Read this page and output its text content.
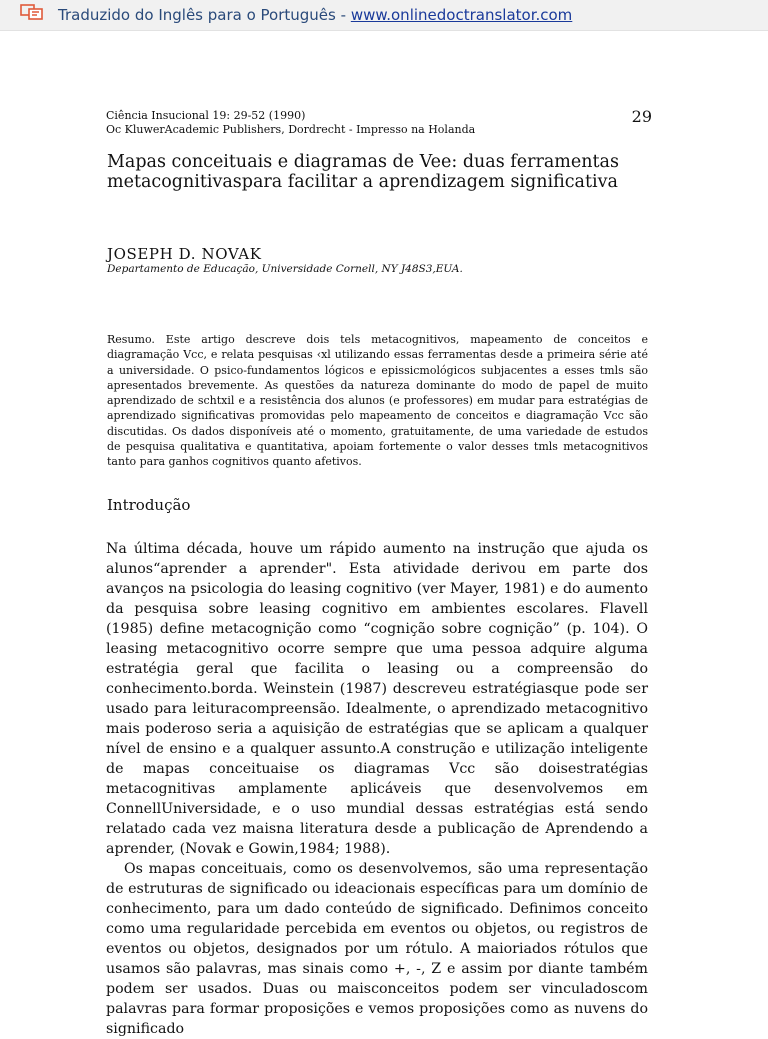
Traduzido do Inglês para o Português - www.onlinedoctranslator.com
Ciência Insucional 19: 29-52 (1990)
Oc KluwerAcademic Publishers, Dordrecht - Impresso na Holanda
29
Mapas conceituais e diagramas de Vee: duas ferramentas
metacognitivaspara facilitar a aprendizagem significativa
JOSEPH D. NOVAK
Departamento de Educação, Universidade Cornell, NY J48S3,EUA.
Resumo. Este artigo descreve dois tels metacognitivos, mapeamento de conceitos e diagramação Vcc, e relata pesquisas ‹xl utilizando essas ferramentas desde a primeira série até a universidade. O psico-fundamentos lógicos e epissicmológicos subjacentes a esses tmls são apresentados brevemente. As questões da natureza dominante do modo de papel de muito aprendizado de schtxil e a resistência dos alunos (e professores) em mudar para estratégias de aprendizado significativas promovidas pelo mapeamento de conceitos e diagramação Vcc são discutidas. Os dados disponíveis até o momento, gratuitamente, de uma variedade de estudos de pesquisa qualitativa e quantitativa, apoiam fortemente o valor desses tmls metacognitivos tanto para ganhos cognitivos quanto afetivos.
Introdução

Na última década, houve um rápido aumento na instrução que ajuda os alunos“aprender a aprender". Esta atividade derivou em parte dos avanços na psicologia do leasing cognitivo (ver Mayer, 1981) e do aumento da pesquisa sobre leasing cognitivo em ambientes escolares. Flavell (1985) define metacognição como “cognição sobre cognição” (p. 104). O leasing metacognitivo ocorre sempre que uma pessoa adquire alguma estratégia geral que facilita o leasing ou a compreensão do conhecimento.borda. Weinstein (1987) descreveu estratégiasque pode ser usado para leituracompreensão. Idealmente, o aprendizado metacognitivo mais poderoso seria a aquisição de estratégias que se aplicam a qualquer nível de ensino e a qualquer assunto.A construção e utilização inteligente de mapas conceituaise os diagramas Vcc são doisestratégias metacognitivas amplamente aplicáveis que desenvolvemos em ConnellUniversidade, e o uso mundial dessas estratégias está sendo relatado cada vez maisna literatura desde a publicação de Aprendendo a aprender, (Novak e Gowin,1984; 1988).

Os mapas conceituais, como os desenvolvemos, são uma representação de estruturas de significado ou ideacionais específicas para um domínio de conhecimento, para um dado conteúdo de significado. Definimos conceito como uma regularidade percebida em eventos ou objetos, ou registros de eventos ou objetos, designados por um rótulo. A maioriados rótulos que usamos são palavras, mas sinais como +, -, Z e assim por diante também podem ser usados. Duas ou maisconceitos podem ser vinculadoscom palavras para formar proposições e vemos proposições como as nuvens do significado
